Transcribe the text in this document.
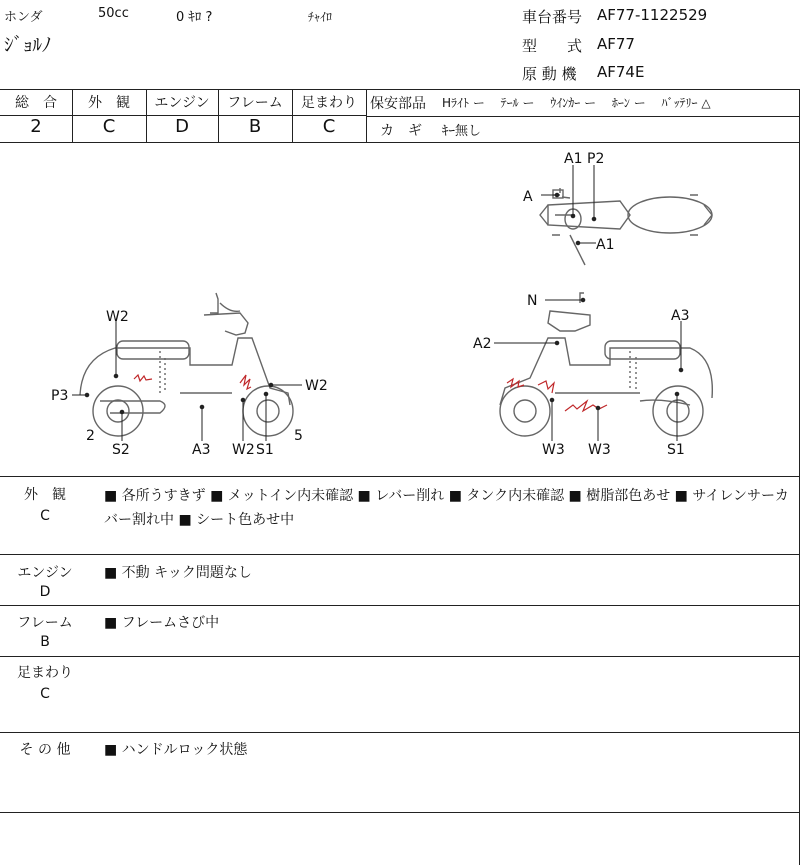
ホンダ	50cc	0 ｷﾛ ?	ﾁｬｲﾛ
ｼﾞｮﾙﾉ
車台番号 AF77-1122529
型　　式 AF77
原 動 機 AF74E
総　合	外　観	エンジン	フレーム	足まわり
2	C	D	B	C
保安部品 Hﾗｲﾄ ー　 ﾃｰﾙ ー　 ｳｲﾝｶｰ ー　 ﾎｰﾝ ー　 ﾊﾞｯﾃﾘｰ △
カ　ギ ｷｰ無し
A1 P2
A
A1
W2
P3
W2
2
S2	A3 W2 S1
5
N
A2
A3
W3 W3	S1
外　観
C
■ 各所うすきず ■ メットイン内未確認 ■ レバー削れ ■ タンク内未確認 ■ 樹脂部色あせ ■ サイレンサーカバー割れ中 ■ シート色あせ中
エンジン
D
■ 不動 キック問題なし
フレーム
B
■ フレームさび中
足まわり
C
そ の 他	■ ハンドルロック状態
